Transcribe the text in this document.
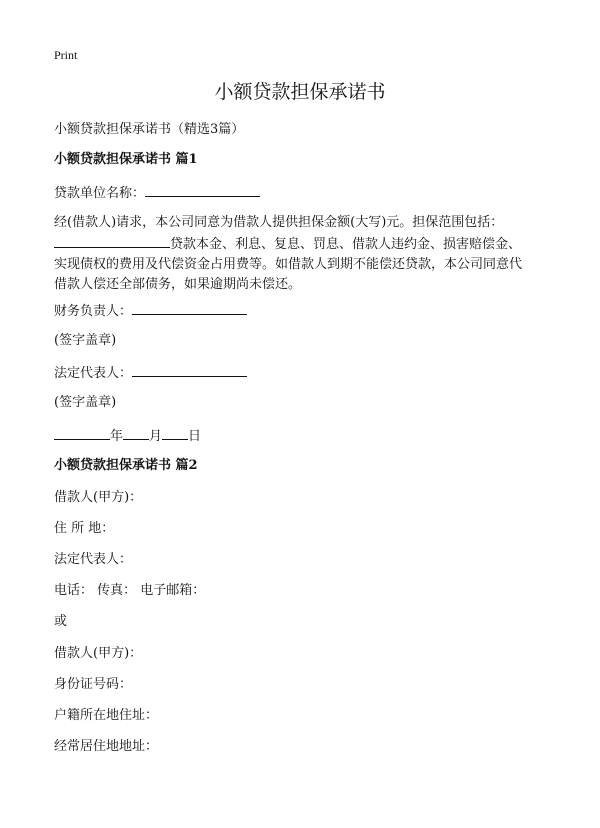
Print
小额贷款担保承诺书
小额贷款担保承诺书（精选3篇）
小额贷款担保承诺书 篇1
贷款单位名称：
经(借款人)请求，本公司同意为借款人提供担保金额(大写)元。担保范围包括：
贷款本金、利息、复息、罚息、借款人违约金、损害赔偿金、
实现债权的费用及代偿资金占用费等。如借款人到期不能偿还贷款，本公司同意代
借款人偿还全部债务，如果逾期尚未偿还。
财务负责人：
(签字盖章)
法定代表人：
(签字盖章)
年 月 日
小额贷款担保承诺书 篇2
借款人(甲方)：
住 所 地：
法定代表人：
电话： 传真： 电子邮箱：
或
借款人(甲方)：
身份证号码：
户籍所在地住址：
经常居住地地址：
